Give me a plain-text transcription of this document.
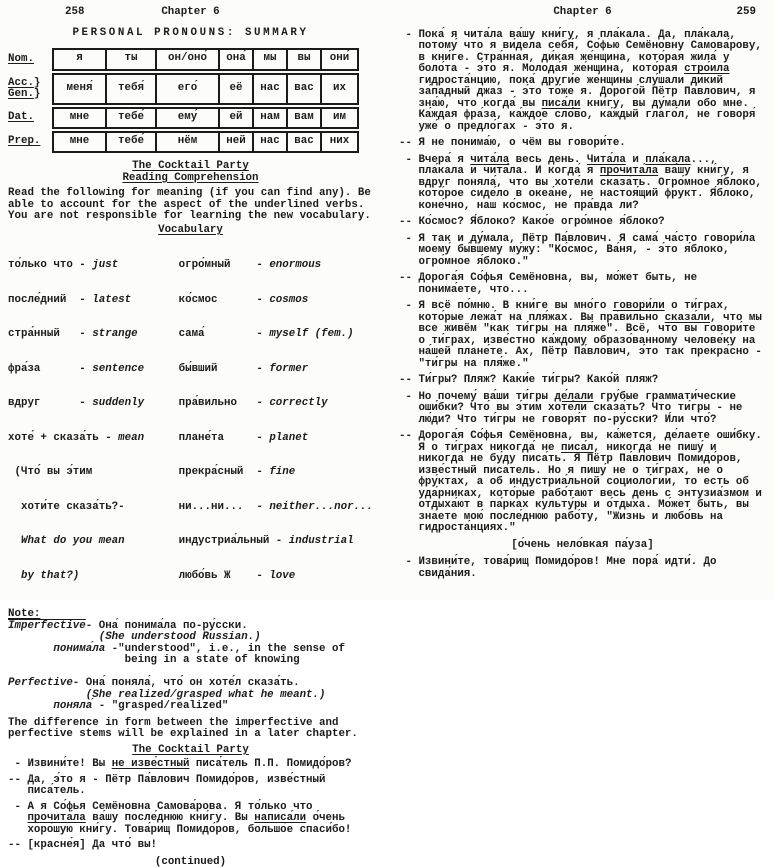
258	Chapter 6
PERSONAL PRONOUNS: SUMMARY
Nom.	я	ты	он/оно́	она́	мы	вы	они́

Acc.}
Gen.}	меня́	тебя́	его́	её	нас	вас	их
Dat.	мне	тебе́	ему́	ей	нам	вам	им
Prep.	мне	тебе́	нём	ней	нас	вас	них
The Cocktail Party
Reading Comprehension
Read the following for meaning (if you can find any). Be able to account for the aspect of the underlined verbs. You are not responsible for learning the new vocabulary.
Vocabulary

то́лько что - just

после́дний  - latest

стра́нный   - strange

фра́за      - sentence

вдруг      - suddenly

хоте́ + сказа́ть - mean

(Что́ вы э́тим

хоти́те сказа́ть?-

What do you mean

by that?)

огро́мный    - enormous

ко́смос      - cosmos

сама́        - myself (fem.)

бы́вший      - former

пра́вильно   - correctly

плане́та     - planet

прекра́сный  - fine

ни...ни...  - neither...nor...

индустриа́льный - industrial

любо́вь Ж    - love

Note:
Imperfective- Она́ понима́ла по-ру́сски.
(She understood Russian.)
понима́ла -"understood", i.e., in the sense of
being in a state of knowing

Perfective- Она́ поняла́, что́ он хоте́л сказа́ть.
(She realized/grasped what he meant.)
поняла́ - "grasped/realized"
The difference in form between the imperfective and perfective stems will be explained in a later chapter.
The Cocktail Party
- Извини́те! Вы не изве́стный писа́тель П.П. Помидо́ров?
-- Да, э́то я - Пётр Па́влович Помидо́ров, изве́стный писа́тель.
- А я Со́фья Семёновна Самова́рова. Я то́лько что прочита́ла ва́шу после́днюю кни́гу. Вы написа́ли о́чень хоро́шую кни́гу. Това́рищ Помидо́ров, большо́е спаси́бо!
-- [красне́я] Да что́ вы!
(continued)
Chapter 6	259
- Пока́ я чита́ла ва́шу кни́гу, я пла́кала. Да, пла́кала, потому́ что я ви́дела себя́, Со́фью Семёновну Самова́рову, в кни́ге. Стра́нная, ди́кая же́нщина, кото́рая жила́ у боло́та - э́то я. Молода́я же́нщина, кото́рая стро́ила гидроста́нцию, пока́ други́е же́нщины слу́шали ди́кий за́падный джаз - э́то то́же я. Дорого́й Пётр Па́влович, я зна́ю, что когда́ вы писа́ли кни́гу, вы ду́мали обо мне. Ка́ждая фра́за, ка́ждое сло́во, ка́ждый глаго́л, не говоря́ уже́ о предло́гах - э́то я.
-- Я не понима́ю, о чём вы говори́те.
- Вчера́ я чита́ла весь день. Чита́ла и пла́кала..., пла́кала и чита́ла. И когда́ я прочита́ла ва́шу кни́гу, я вдруг поняла́, что вы хоте́ли сказа́ть. Огро́мное я́блоко, кото́рое сиде́ло в океа́не, не настоя́щий фрукт. Я́блоко, коне́чно, наш ко́смос, не пра́вда ли?
-- Ко́смос? Я́блоко? Како́е огро́мное я́блоко?
- Я так и ду́мала, Пётр Па́влович. Я сама́ ча́сто говори́ла моему́ бы́вшему му́жу: "Ко́смос, Ва́ня, - э́то я́блоко, огро́мное я́блоко."
-- Дорога́я Со́фья Семёновна, вы, мо́жет быть, не понима́ете, что...
- Я всё по́мню. В кни́ге вы мно́го говори́ли о ти́грах, кото́рые лежа́т на пля́жах. Вы пра́вильно сказа́ли, что мы все живём "как ти́гры на пля́же". Всё, что вы говори́те о ти́грах, изве́стно ка́ждому образо́ванному челове́ку на на́шей плане́те. Ах, Пётр Па́влович, э́то так прекра́сно - "ти́гры на пля́же."
-- Ти́гры? Пляж? Каки́е ти́гры? Како́й пляж?
- Но почему́ ва́ши ти́гры де́лали гру́бые граммати́ческие оши́бки? Что́ вы э́тим хоте́ли сказа́ть? Что ти́гры - не лю́ди? Что ти́гры не говоря́т по-ру́сски? И́ли что́?
-- Дорога́я Со́фья Семёновна, вы, ка́жется, де́лаете оши́бку. Я о ти́грах никогда́ не писа́л, никогда́ не пишу́ и никогда́ не бу́ду писа́ть. Я Пётр Па́влович Помидо́ров, изве́стный писа́тель. Но я пишу́ не о ти́грах, не о фру́ктах, а об индустриа́льной социоло́гии, то есть об уда́рниках, кото́рые рабо́тают весь день с энтузиа́змом и отдыха́ют в па́рках культу́ры и о́тдыха. Мо́жет быть, вы зна́ете мою́ после́днюю рабо́ту, "Жизнь и любо́вь на гидроста́нциях."
[о́чень нело́вкая па́уза]
- Извини́те, това́рищ Помидо́ров! Мне пора́ идти́. До свида́ния.
